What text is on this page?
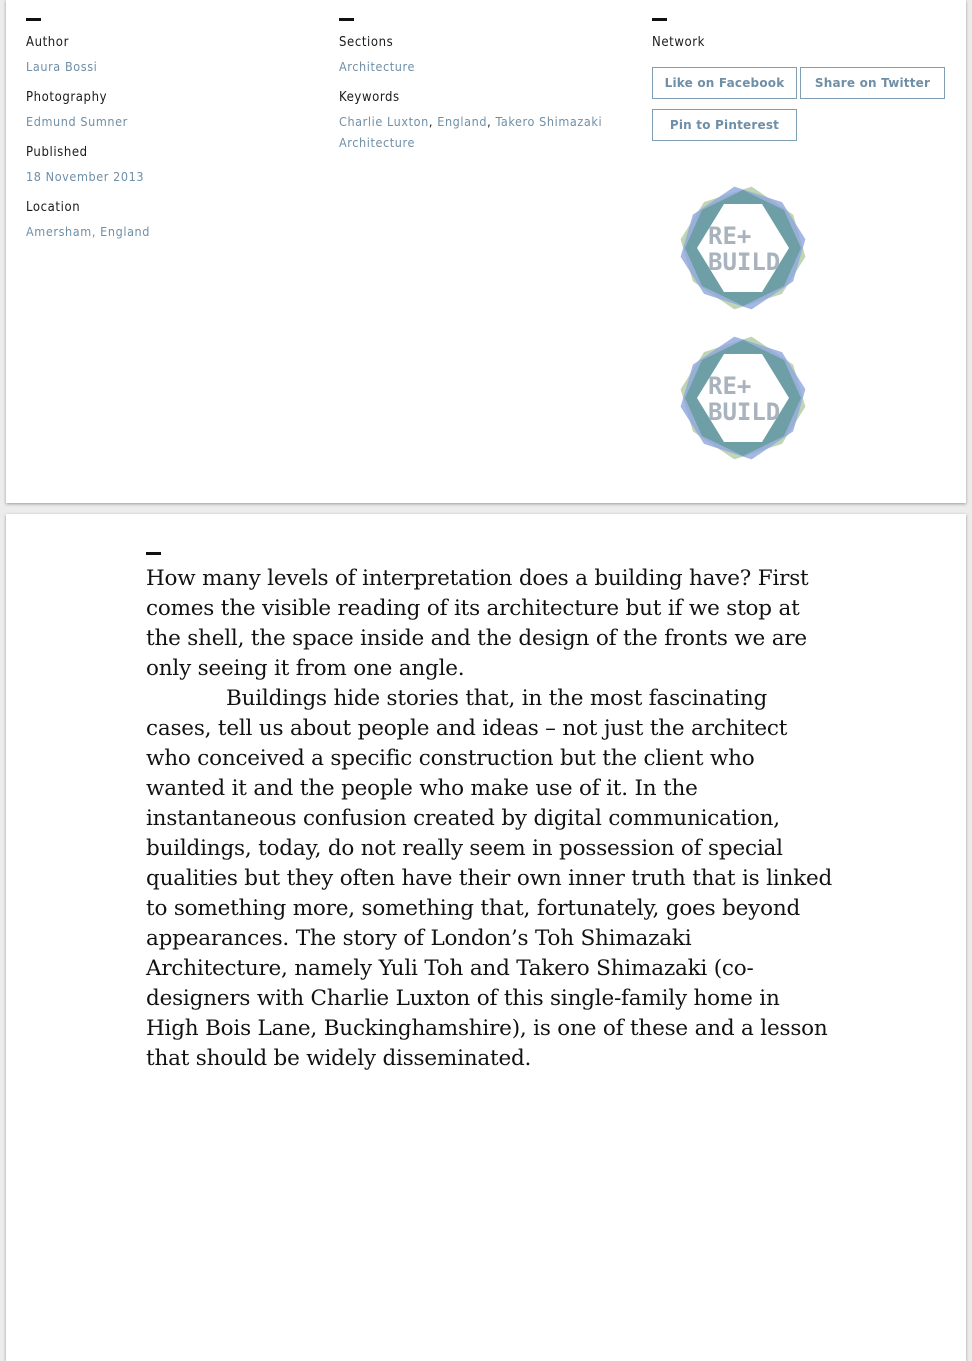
Author

Laura Bossi

Photography

Edmund Sumner

Published

18 November 2013

Location

Amersham, England

Sections

Architecture

Keywords

Charlie Luxton, England, Takero Shimazaki Architecture

Network

Like on Facebook	Share on Twitter
Pin to Pinterest
RE+
BUILD
RE+
BUILD

How many levels of interpretation does a building have? First comes the visible reading of its architecture but if we stop at the shell, the space inside and the design of the fronts we are only seeing it from one angle.

Buildings hide stories that, in the most fascinating cases, tell us about people and ideas – not just the architect who conceived a specific construction but the client who wanted it and the people who make use of it. In the instantaneous confusion created by digital communication, buildings, today, do not really seem in possession of special qualities but they often have their own inner truth that is linked to something more, something that, fortunately, goes beyond appearances. The story of London’s Toh Shimazaki Architecture, namely Yuli Toh and Takero Shimazaki (co-designers with Charlie Luxton of this single-family home in High Bois Lane, Buckinghamshire), is one of these and a lesson that should be widely disseminated.
